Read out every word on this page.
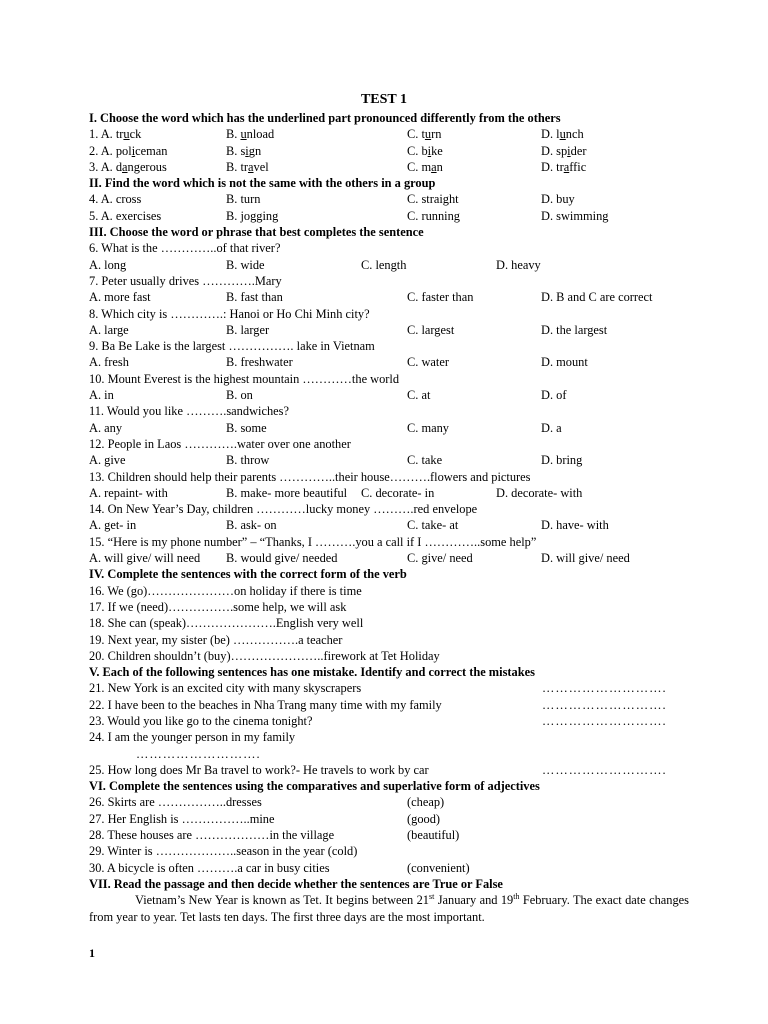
TEST 1
I. Choose the word which has the underlined part pronounced differently from the others
1. A. truck	B. unload	C. turn	D. lunch
2. A. policeman	B. sign	C. bike	D. spider
3. A. dangerous	B. travel	C. man	D. traffic
II. Find the word which is not the same with the others in a group
4. A. cross	B. turn	C. straight	D. buy
5. A. exercises	B. jogging	C. running	D. swimming
III. Choose the word or phrase that best completes the sentence
6. What is the …………..of that river?
A. long	B. wide	C. length	D. heavy
7. Peter usually drives ………….Mary
A. more fast	B. fast than	C. faster than	D. B and C are correct
8. Which city is ………….: Hanoi or Ho Chi Minh city?
A. large	B. larger	C. largest	D. the largest
9. Ba Be Lake is the largest ……………. lake in Vietnam
A. fresh	B. freshwater	C. water	D. mount
10. Mount Everest is the highest mountain …………the world
A. in	B. on	C. at	D. of
11. Would you like ……….sandwiches?
A. any	B. some	C. many	D. a
12. People in Laos ………….water over one another
A. give	B. throw	C. take	D. bring
13. Children should help their parents …………..their house……….flowers and pictures
A. repaint- with	B. make- more beautiful C. decorate- in	D. decorate- with
14. On New Year’s Day, children …………lucky money ……….red envelope
A. get- in	B. ask- on	C. take- at	D. have- with
15. “Here is my phone number” – “Thanks, I ……….you a call if I …………..some help”
A. will give/ will need B. would give/ needed	C. give/ need	D. will give/ need
IV. Complete the sentences with the correct form of the verb
16. We (go)…………………on holiday if there is time
17. If we (need)…………….some help, we will ask
18. She can (speak)………………….English very well
19. Next year, my sister (be) …………….a teacher
20. Children shouldn’t (buy)…………………..firework at Tet Holiday
V. Each of the following sentences has one mistake. Identify and correct the mistakes
21. New York is an excited city with many skyscrapers	……………………….
22. I have been to the beaches in Nha Trang many time with my family	……………………….
23. Would you like go to the cinema tonight?	……………………….
24. I am the younger person in my family
……………………….
25. How long does Mr Ba travel to work?- He travels to work by car	……………………….
VI. Complete the sentences using the comparatives and superlative form of adjectives
26. Skirts are ……………..dresses	(cheap)
27. Her English is ……………..mine	(good)
28. These houses are ………………in the village	(beautiful)
29. Winter is ………………..season in the year (cold)
30. A bicycle is often ……….a car in busy cities	(convenient)
VII. Read the passage and then decide whether the sentences are True or False
Vietnam’s New Year is known as Tet. It begins between 21st January and 19th February. The exact date changes from year to year. Tet lasts ten days. The first three days are the most important.
1
